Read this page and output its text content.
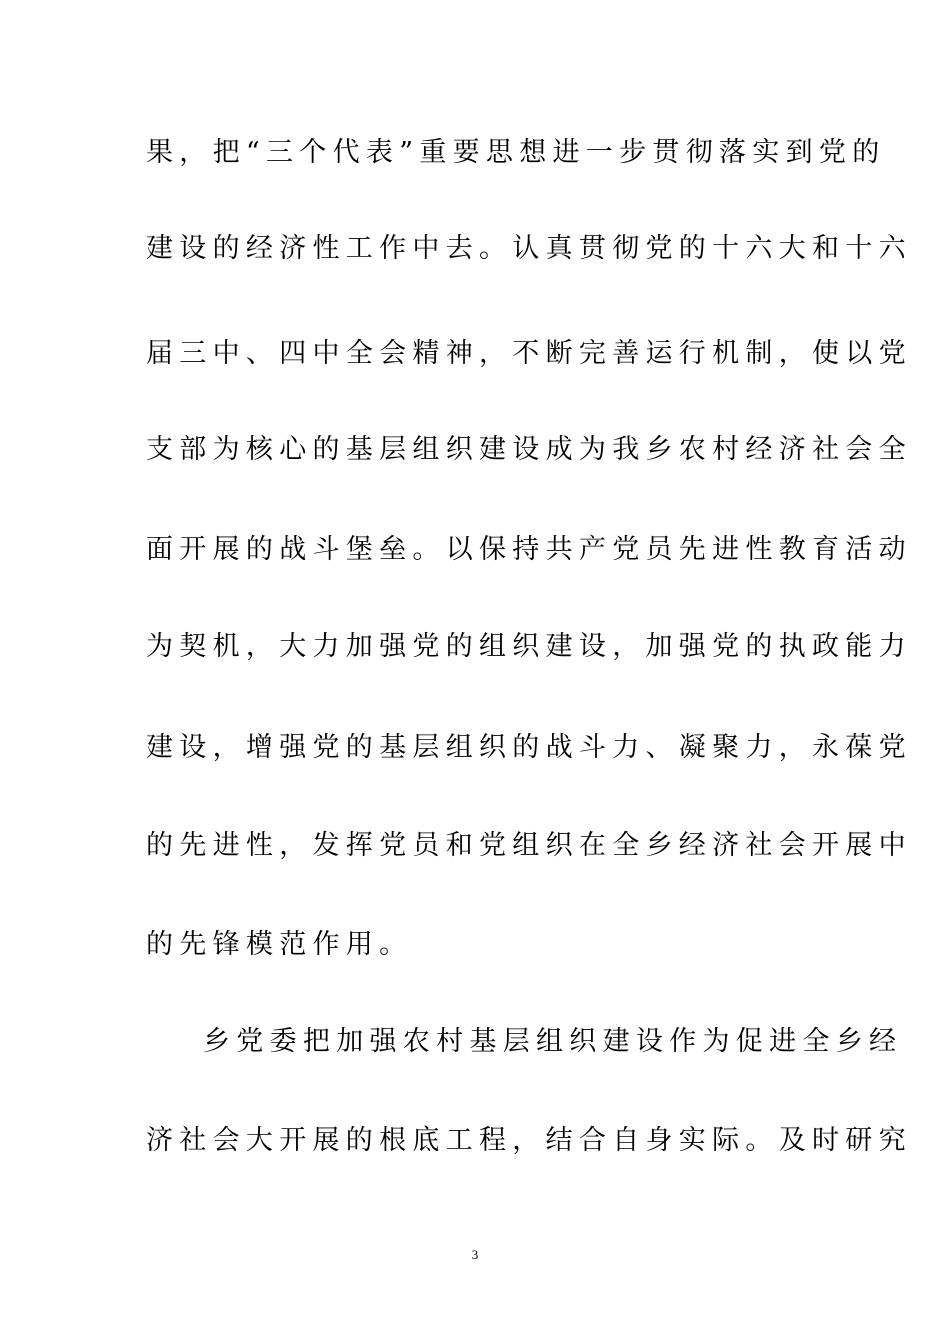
果，把“三个代表”重要思想进一步贯彻落实到党的
建设的经济性工作中去。认真贯彻党的十六大和十六
届三中、四中全会精神，不断完善运行机制，使以党
支部为核心的基层组织建设成为我乡农村经济社会全
面开展的战斗堡垒。以保持共产党员先进性教育活动
为契机，大力加强党的组织建设，加强党的执政能力
建设，增强党的基层组织的战斗力、凝聚力，永葆党
的先进性，发挥党员和党组织在全乡经济社会开展中
的先锋模范作用。
乡党委把加强农村基层组织建设作为促进全乡经
济社会大开展的根底工程，结合自身实际。及时研究
3
